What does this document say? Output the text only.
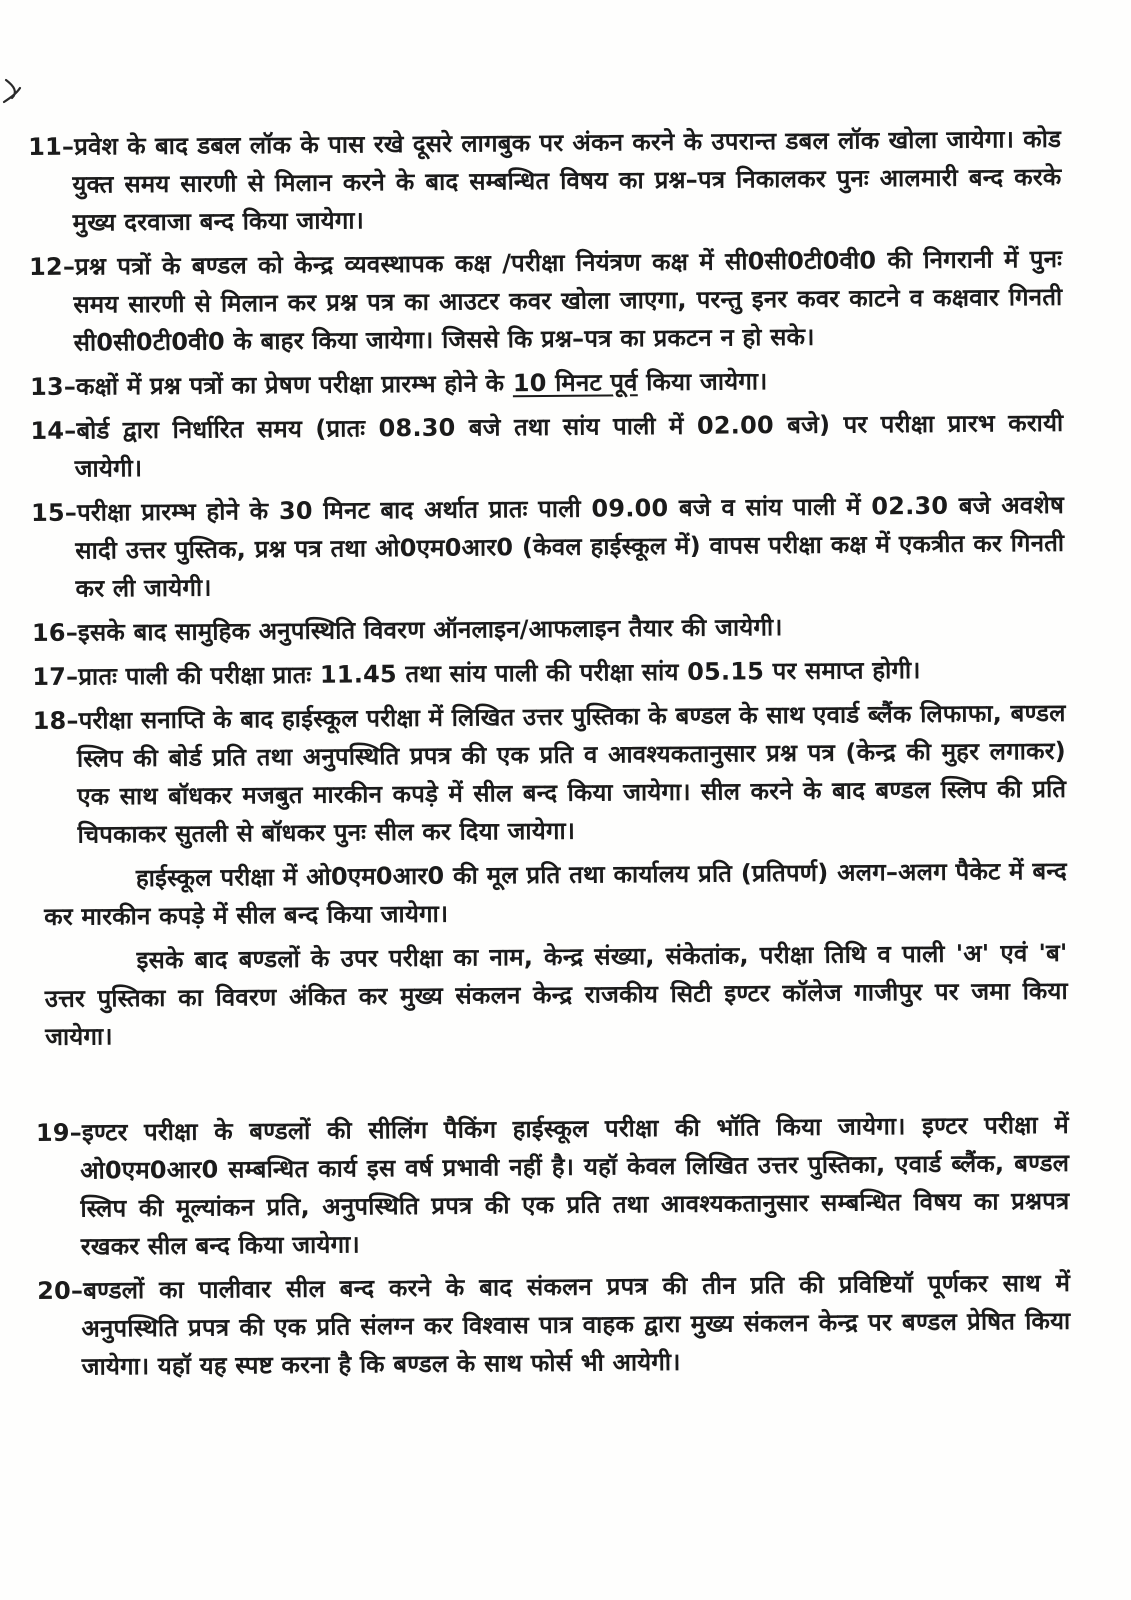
11–प्रवेश के बाद डबल लॉक के पास रखे दूसरे लागबुक पर अंकन करने के उपरान्त डबल लॉक खोला जायेगा। कोड युक्त समय सारणी से मिलान करने के बाद सम्बन्धित विषय का प्रश्न–पत्र निकालकर पुनः आलमारी बन्द करके मुख्य दरवाजा बन्द किया जायेगा।

12–प्रश्न पत्रों के बण्डल को केन्द्र व्यवस्थापक कक्ष /परीक्षा नियंत्रण कक्ष में सी0सी0टी0वी0 की निगरानी में पुनः समय सारणी से मिलान कर प्रश्न पत्र का आउटर कवर खोला जाएगा, परन्तु इनर कवर काटने व कक्षवार गिनती सी0सी0टी0वी0 के बाहर किया जायेगा। जिससे कि प्रश्न–पत्र का प्रकटन न हो सके।

13–कक्षों में प्रश्न पत्रों का प्रेषण परीक्षा प्रारम्भ होने के 10 मिनट पूर्व किया जायेगा।

14–बोर्ड द्वारा निर्धारित समय (प्रातः 08.30 बजे तथा सांय पाली में 02.00 बजे) पर परीक्षा प्रारभ करायी जायेगी।

15–परीक्षा प्रारम्भ होने के 30 मिनट बाद अर्थात प्रातः पाली 09.00 बजे व सांय पाली में 02.30 बजे अवशेष सादी उत्तर पुस्तिक, प्रश्न पत्र तथा ओ0एम0आर0 (केवल हाईस्कूल में) वापस परीक्षा कक्ष में एकत्रीत कर गिनती कर ली जायेगी।

16–इसके बाद सामुहिक अनुपस्थिति विवरण ऑनलाइन/आफलाइन तैयार की जायेगी।

17–प्रातः पाली की परीक्षा प्रातः 11.45 तथा सांय पाली की परीक्षा सांय 05.15 पर समाप्त होगी।

18–परीक्षा सनाप्ति के बाद हाईस्कूल परीक्षा में लिखित उत्तर पुस्तिका के बण्डल के साथ एवार्ड ब्लैंक लिफाफा, बण्डल स्लिप की बोर्ड प्रति तथा अनुपस्थिति प्रपत्र की एक प्रति व आवश्यकतानुसार प्रश्न पत्र (केन्द्र की मुहर लगाकर) एक साथ बॉधकर मजबुत मारकीन कपड़े में सील बन्द किया जायेगा। सील करने के बाद बण्डल स्लिप की प्रति चिपकाकर सुतली से बॉधकर पुनः सील कर दिया जायेगा।

हाईस्कूल परीक्षा में ओ0एम0आर0 की मूल प्रति तथा कार्यालय प्रति (प्रतिपर्ण) अलग–अलग पैकेट में बन्द कर मारकीन कपड़े में सील बन्द किया जायेगा।

इसके बाद बण्डलों के उपर परीक्षा का नाम, केन्द्र संख्या, संकेतांक, परीक्षा तिथि व पाली 'अ' एवं 'ब' उत्तर पुस्तिका का विवरण अंकित कर मुख्य संकलन केन्द्र राजकीय सिटी इण्टर कॉलेज गाजीपुर पर जमा किया जायेगा।

19–इण्टर परीक्षा के बण्डलों की सीलिंग पैकिंग हाईस्कूल परीक्षा की भॉति किया जायेगा। इण्टर परीक्षा में ओ0एम0आर0 सम्बन्धित कार्य इस वर्ष प्रभावी नहीं है। यहॉ केवल लिखित उत्तर पुस्तिका, एवार्ड ब्लैंक, बण्डल स्लिप की मूल्यांकन प्रति, अनुपस्थिति प्रपत्र की एक प्रति तथा आवश्यकतानुसार सम्बन्धित विषय का प्रश्नपत्र रखकर सील बन्द किया जायेगा।

20–बण्डलों का पालीवार सील बन्द करने के बाद संकलन प्रपत्र की तीन प्रति की प्रविष्टियॉ पूर्णकर साथ में अनुपस्थिति प्रपत्र की एक प्रति संलग्न कर विश्वास पात्र वाहक द्वारा मुख्य संकलन केन्द्र पर बण्डल प्रेषित किया जायेगा। यहॉ यह स्पष्ट करना है कि बण्डल के साथ फोर्स भी आयेगी।
